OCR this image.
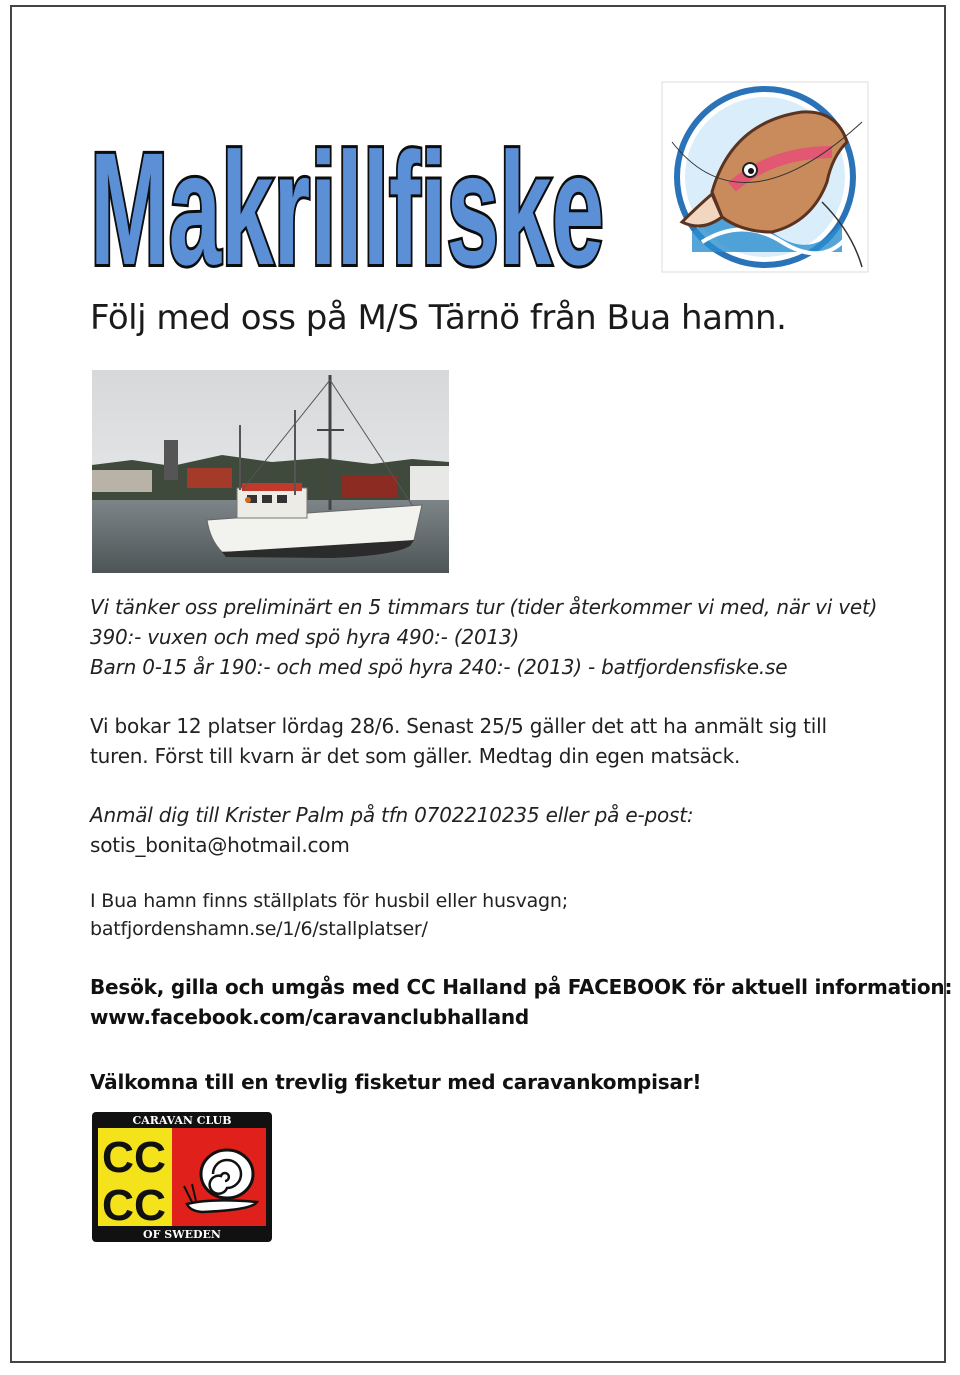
Makrillfiske
Följ med oss på M/S Tärnö från Bua hamn.
Vi tänker oss preliminärt en 5 timmars tur (tider återkommer vi med, när vi vet)
390:- vuxen och med spö hyra 490:- (2013)
Barn 0-15 år 190:- och med spö hyra 240:- (2013) - batfjordensfiske.se
Vi bokar 12 platser lördag 28/6. Senast 25/5 gäller det att ha anmält sig till
turen. Först till kvarn är det som gäller. Medtag din egen matsäck.
Anmäl dig till Krister Palm på tfn 0702210235 eller på e-post:
sotis_bonita@hotmail.com
I Bua hamn finns ställplats för husbil eller husvagn;
batfjordenshamn.se/1/6/stallplatser/
Besök, gilla och umgås med CC Halland på FACEBOOK för aktuell information:
www.facebook.com/caravanclubhalland
Välkomna till en trevlig fisketur med caravankompisar!
CARAVAN CLUB
OF SWEDEN
CC
CC
